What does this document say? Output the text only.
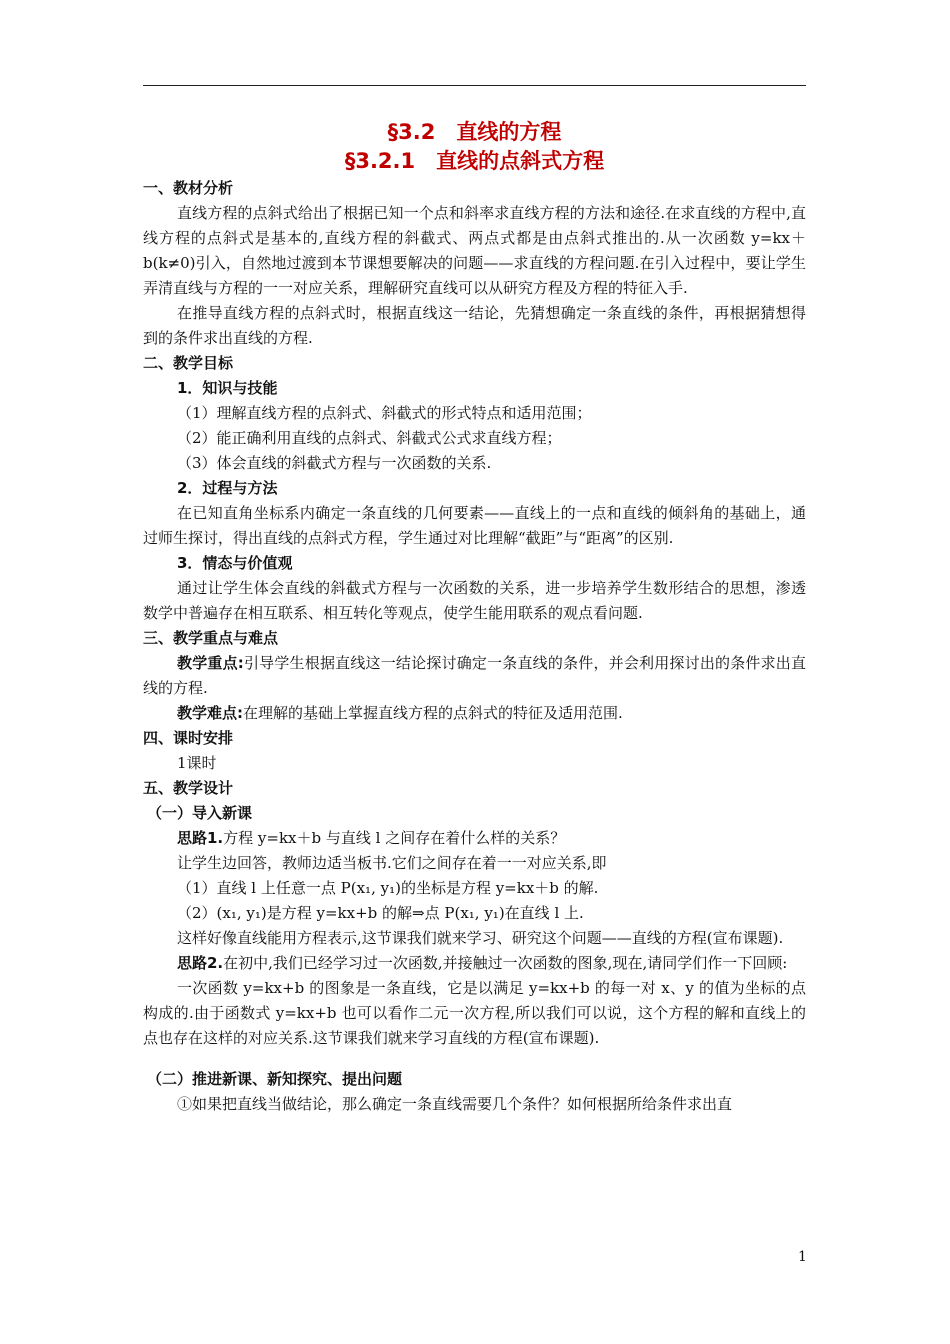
§3.2　直线的方程
§3.2.1　直线的点斜式方程
一、教材分析
直线方程的点斜式给出了根据已知一个点和斜率求直线方程的方法和途径.在求直线的方程中,直线方程的点斜式是基本的,直线方程的斜截式、两点式都是由点斜式推出的.从一次函数 y=kx＋b(k≠0)引入，自然地过渡到本节课想要解决的问题——求直线的方程问题.在引入过程中，要让学生弄清直线与方程的一一对应关系，理解研究直线可以从研究方程及方程的特征入手.
在推导直线方程的点斜式时，根据直线这一结论，先猜想确定一条直线的条件，再根据猜想得到的条件求出直线的方程.
二、教学目标
1．知识与技能
（1）理解直线方程的点斜式、斜截式的形式特点和适用范围；
（2）能正确利用直线的点斜式、斜截式公式求直线方程；
（3）体会直线的斜截式方程与一次函数的关系.
2．过程与方法
在已知直角坐标系内确定一条直线的几何要素——直线上的一点和直线的倾斜角的基础上，通过师生探讨，得出直线的点斜式方程，学生通过对比理解“截距”与“距离”的区别.
3．情态与价值观
通过让学生体会直线的斜截式方程与一次函数的关系，进一步培养学生数形结合的思想，渗透数学中普遍存在相互联系、相互转化等观点，使学生能用联系的观点看问题.
三、教学重点与难点
教学重点:引导学生根据直线这一结论探讨确定一条直线的条件，并会利用探讨出的条件求出直线的方程.
教学难点:在理解的基础上掌握直线方程的点斜式的特征及适用范围.
四、课时安排
1课时
五、教学设计
（一）导入新课
思路1.方程 y=kx＋b 与直线 l 之间存在着什么样的关系？
让学生边回答，教师边适当板书.它们之间存在着一一对应关系,即
（1）直线 l 上任意一点 P(x₁, y₁)的坐标是方程 y=kx＋b 的解.
（2）(x₁, y₁)是方程 y=kx+b 的解⇒点 P(x₁, y₁)在直线 l 上.
这样好像直线能用方程表示,这节课我们就来学习、研究这个问题——直线的方程(宣布课题).
思路2.在初中,我们已经学习过一次函数,并接触过一次函数的图象,现在,请同学们作一下回顾:
一次函数 y=kx+b 的图象是一条直线，它是以满足 y=kx+b 的每一对 x、y 的值为坐标的点构成的.由于函数式 y=kx+b 也可以看作二元一次方程,所以我们可以说，这个方程的解和直线上的点也存在这样的对应关系.这节课我们就来学习直线的方程(宣布课题).
（二）推进新课、新知探究、提出问题
①如果把直线当做结论，那么确定一条直线需要几个条件？如何根据所给条件求出直
1
